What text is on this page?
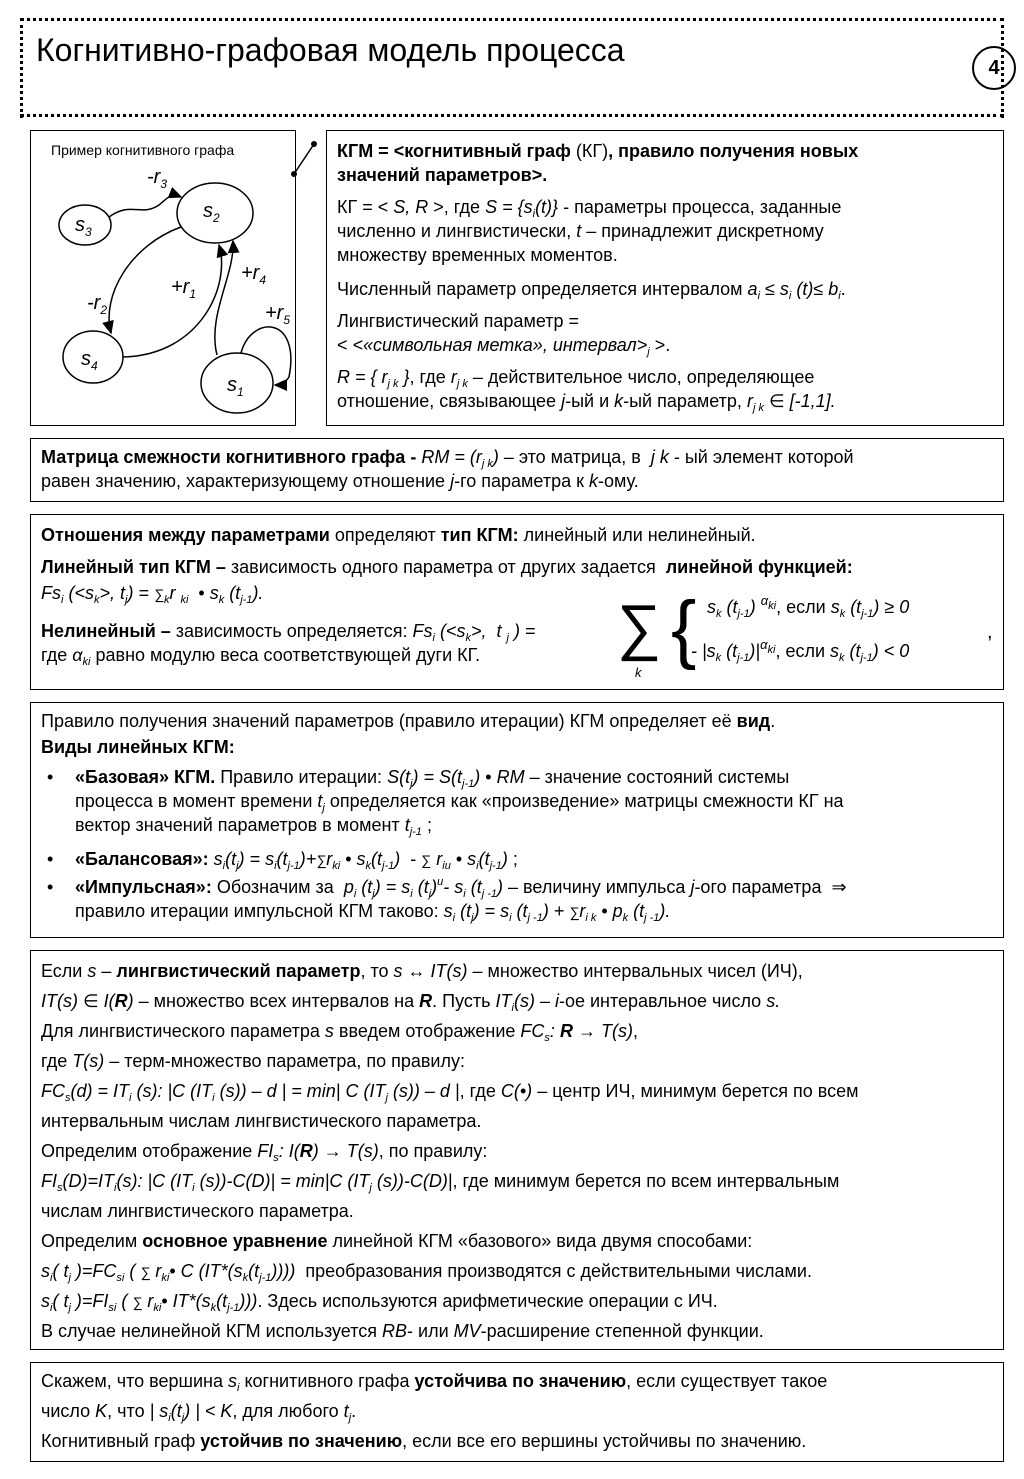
Когнитивно-графовая модель процесса	4
Пример когнитивного графа
$s_3$
$s_2$
$s_4$
$s_1$
$-r_3$
$+r_1$
$+r_4$
$-r_2$	$+r_5$
КГМ = <когнитивный граф (КГ), правило получения новых
значений параметров>.
КГ = < S, R >, где $S = \{s_i(t)\}$ - параметры процесса, заданные
численно и лингвистически, t – принадлежит дискретному
множеству временных моментов.
Численный параметр определяется интервалом $a_i \le s_i$ $(t)\le b_i$.
Лингвистический параметр =
< <«символьная метка», $интервал>_j$ >.
R = { $r_{j k}$ }, где $r_{j k}$ – действительное число, определяющее
отношение, связывающее j-ый и k-ый параметр, $r_{j k}$ ∈ [-1,1].
Матрица смежности когнитивного графа - RM = $(r_{j k})$ – это матрица, в  j k - ый элемент которой
равен значению, характеризующему отношение j-го параметра к k-ому.
Отношения между параметрами определяют тип КГМ: линейный или нелинейный.
Линейный тип КГМ – зависимость одного параметра от других задается  линейной функцией:
$Fs_i$ ($<s_k>$, $t_j) = \sum_kr$ $_{ki}$  • $s_k$ $(t_{j-1})$.
Нелинейный – зависимость определяется: $Fs_i$ ($<s_k>$,  t $_j$ ) =
где $\alpha_{ki}$ равно модулю веса соответствующей дуги КГ.	∑
k
{ $s_k$ $(t_{j-1})$ $^{\alpha_{ki}}$, если $s_k$ $(t_{j-1}) \ge 0$
- $|s_k$ $(t_{j-1})|^{\alpha_{ki}}$, если $s_k$ $(t_{j-1}) < 0$
,
Правило получения значений параметров (правило итерации) КГМ определяет её вид.
Виды линейных КГМ:
• «Базовая» КГМ. Правило итерации: $S(t_j) = S(t_{j-1})$ • RM – значение состояний системы
процесса в момент времени $t_j$ определяется как «произведение» матрицы смежности КГ на
вектор значений параметров в момент $t_{j-1}$ ;
• «Балансовая»: $s_i(t_j) = s_i(t_{j-1})+\sum r_{ki}$ • $s_k(t_{j-1})$  - ∑ $r_{iu}$ • $s_i(t_{j-1})$ ;
• «Импульсная»: Обозначим за  $p_i$ $(t_j) = s_i$ $(t_j)^u-$ $s_i$ $(t_{j -1})$ – величину импульса j-ого параметра  ⇒
правило итерации импульсной КГМ таково: $s_i$ $(t_j) = s_i$ $(t_{j -1}) + \sum r_{i k}$ • $p_k$ $(t_{j -1})$.
Если s – лингвистический параметр, то s ↔ IT(s) – множество интервальных чисел (ИЧ),
IT(s) ∈ I(R) – множество всех интервалов на R. Пусть $IT_i(s) - i-ое$ интеравльное число s.
Для лингвистического параметра s введем отображение $FC_s$: R → T(s),
где T(s) – терм-множество параметра, по правилу:
$FC_s(d) = IT_i$ (s): |C ($IT_i$ (s)) – d | = min| C ($IT_j$ (s)) – d |, где C(•) – центр ИЧ, минимум берется по всем
интервальным числам лингвистического параметра.
Определим отображение $FI_s$: I(R) → T(s), по правилу:
$FI_s(D)=IT_i(s)$: |C ($IT_i$ (s))-C(D)| = min|C ($IT_j$ (s))-C(D)|, где минимум берется по всем интервальным
числам лингвистического параметра.
Определим основное уравнение линейной КГМ «базового» вида двумя способами:
$s_i$( $t_j$ )$=FC_{si}$ ( ∑ $r_{ki}•$ C $(IT*(s_k(t_{j-1})))$)  преобразования производятся с действительными числами.
$s_i$( $t_j$ )$=FI_{si}$ ( ∑ $r_{ki}•$ $IT*(s_k(t_{j-1}))$). Здесь используются арифметические операции с ИЧ.
В случае нелинейной КГМ используется RB- или MV-расширение степенной функции.
Скажем, что вершина $s_i$ когнитивного графа устойчива по значению, если существует такое
число K, что | $s_i(t_j)$ | < K, для любого $t_j$.
Когнитивный граф устойчив по значению, если все его вершины устойчивы по значению.
